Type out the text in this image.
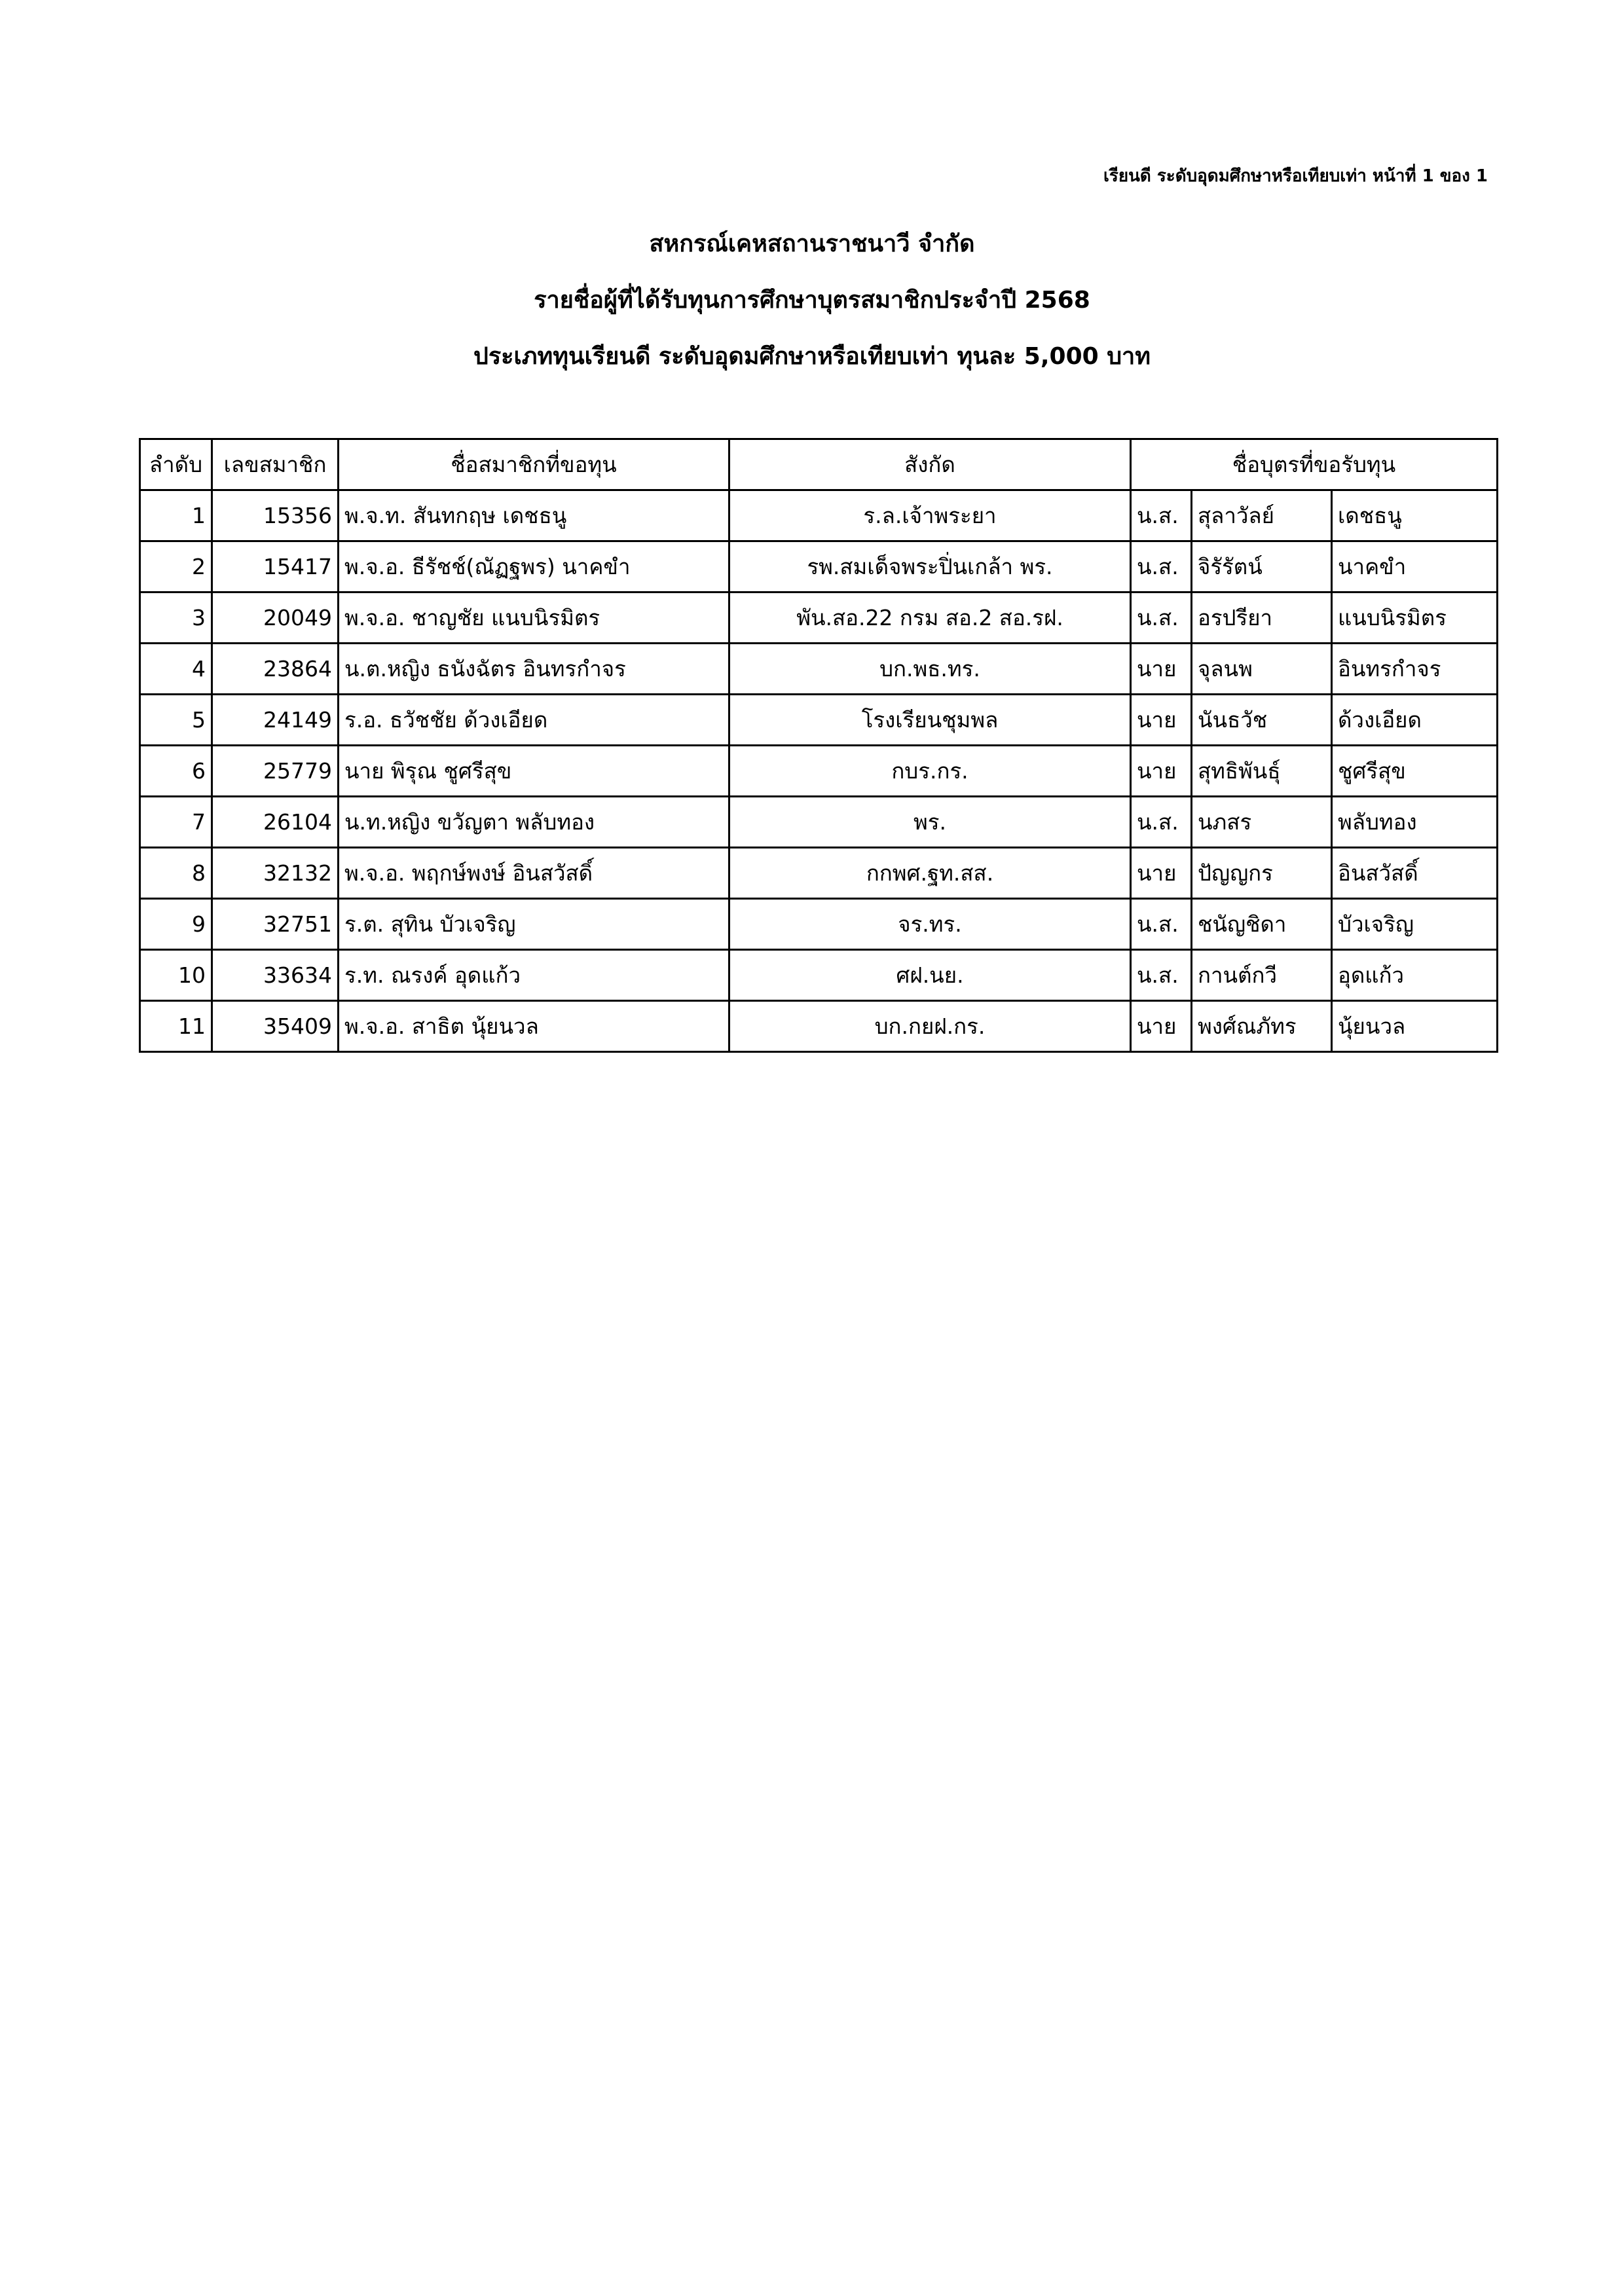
เรียนดี ระดับอุดมศึกษาหรือเทียบเท่า หน้าที่ 1 ของ 1
สหกรณ์เคหสถานราชนาวี จำกัด
รายชื่อผู้ที่ได้รับทุนการศึกษาบุตรสมาชิกประจำปี 2568
ประเภททุนเรียนดี ระดับอุดมศึกษาหรือเทียบเท่า ทุนละ 5,000 บาท
ลำดับ	เลขสมาชิก	ชื่อสมาชิกที่ขอทุน	สังกัด	ชื่อบุตรที่ขอรับทุน		
1	15356	พ.จ.ท. สันทกฤษ เดชธนู	ร.ล.เจ้าพระยา	น.ส.	สุลาวัลย์	เดชธนู
2	15417	พ.จ.อ. ธีรัชช์(ณัฏฐพร) นาคขำ	รพ.สมเด็จพระปิ่นเกล้า พร.	น.ส.	จิรัรัตน์	นาคขำ
3	20049	พ.จ.อ. ชาญชัย แนบนิรมิตร	พัน.สอ.22 กรม สอ.2 สอ.รฝ.	น.ส.	อรปรียา	แนบนิรมิตร
4	23864	น.ต.หญิง ธนังฉัตร อินทรกำจร	บก.พธ.ทร.	นาย	จุลนพ	อินทรกำจร
5	24149	ร.อ. ธวัชชัย ด้วงเอียด	โรงเรียนชุมพล	นาย	นันธวัช	ด้วงเอียด
6	25779	นาย พิรุณ ชูศรีสุข	กบร.กร.	นาย	สุทธิพันธุ์	ชูศรีสุข
7	26104	น.ท.หญิง ขวัญตา พลับทอง	พร.	น.ส.	นภสร	พลับทอง
8	32132	พ.จ.อ. พฤกษ์พงษ์ อินสวัสดิ์	กกพศ.ฐท.สส.	นาย	ปัญญกร	อินสวัสดิ์
9	32751	ร.ต. สุทิน บัวเจริญ	จร.ทร.	น.ส.	ชนัญชิดา	บัวเจริญ
10	33634	ร.ท. ณรงค์ อุดแก้ว	ศฝ.นย.	น.ส.	กานต์กวี	อุดแก้ว
11	35409	พ.จ.อ. สาธิต นุ้ยนวล	บก.กยฝ.กร.	นาย	พงศ์ณภัทร	นุ้ยนวล
